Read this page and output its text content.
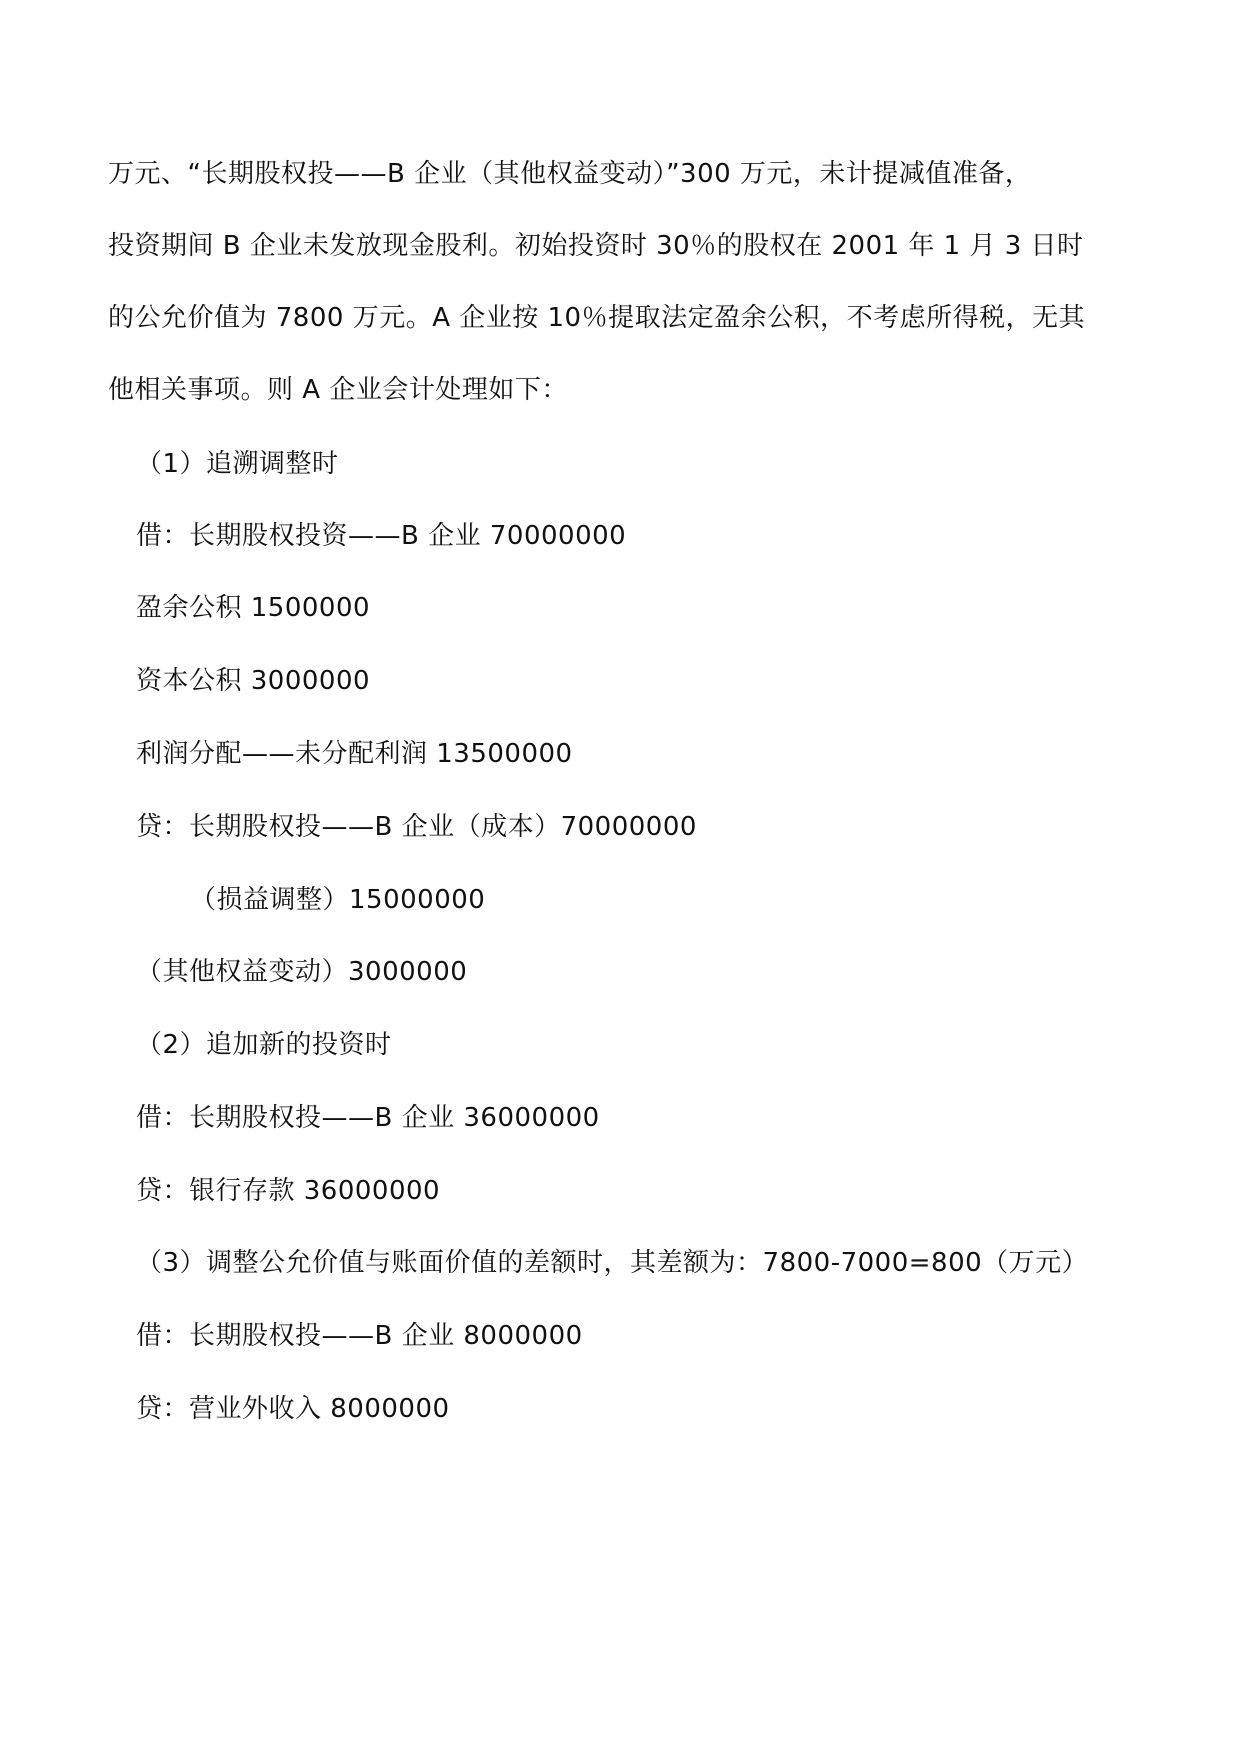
万元、“长期股权投——B 企业（其他权益变动）”300 万元，未计提减值准备，
投资期间 B 企业未发放现金股利。初始投资时 30％的股权在 2001 年 1 月 3 日时
的公允价值为 7800 万元。A 企业按 10％提取法定盈余公积，不考虑所得税，无其
他相关事项。则 A 企业会计处理如下：
（1）追溯调整时
借：长期股权投资——B 企业 70000000
盈余公积 1500000
资本公积 3000000
利润分配——未分配利润 13500000
贷：长期股权投——B 企业（成本）70000000
（损益调整）15000000
（其他权益变动）3000000
（2）追加新的投资时
借：长期股权投——B 企业 36000000
贷：银行存款 36000000
（3）调整公允价值与账面价值的差额时，其差额为：7800-7000=800（万元）
借：长期股权投——B 企业 8000000
贷：营业外收入 8000000
